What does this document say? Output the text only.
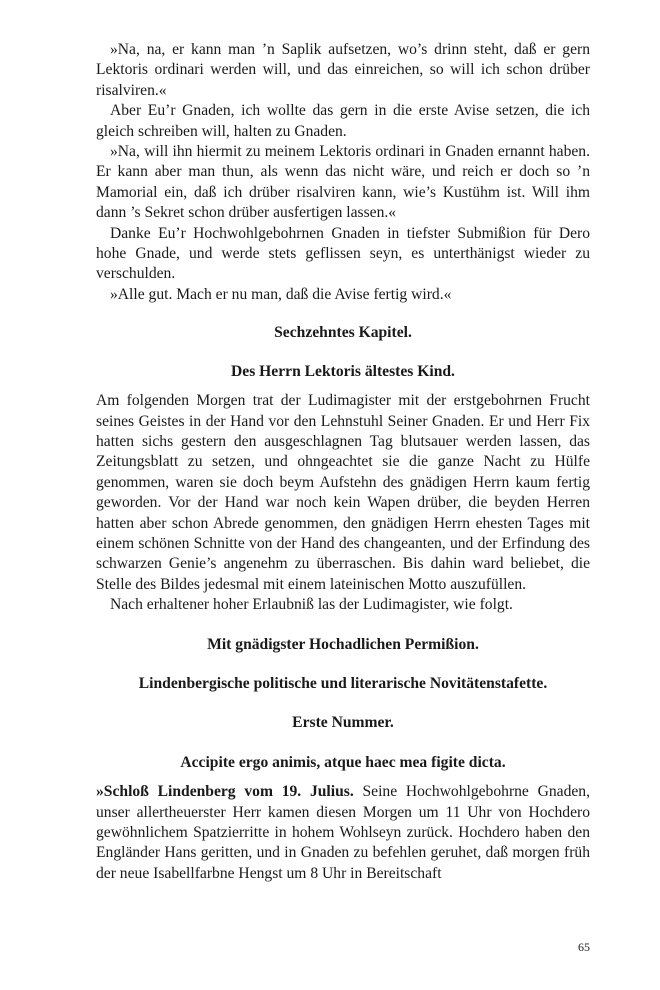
»Na, na, er kann man ’n Saplik aufsetzen, wo’s drinn steht, daß er gern Lektoris ordinari werden will, und das einreichen, so will ich schon drüber risalviren.«

Aber Eu’r Gnaden, ich wollte das gern in die erste Avise setzen, die ich gleich schreiben will, halten zu Gnaden.

»Na, will ihn hiermit zu meinem Lektoris ordinari in Gnaden ernannt haben. Er kann aber man thun, als wenn das nicht wäre, und reich er doch so ’n Mamorial ein, daß ich drüber risalviren kann, wie’s Kustühm ist. Will ihm dann ’s Sekret schon drüber ausfertigen lassen.«

Danke Eu’r Hochwohlgebohrnen Gnaden in tiefster Submißion für Dero hohe Gnade, und werde stets geflissen seyn, es unterthänigst wieder zu verschulden.

»Alle gut. Mach er nu man, daß die Avise fertig wird.«

Sechzehntes Kapitel.
Des Herrn Lektoris ältestes Kind.

Am folgenden Morgen trat der Ludimagister mit der erstgebohrnen Frucht seines Geistes in der Hand vor den Lehnstuhl Seiner Gnaden. Er und Herr Fix hatten sichs gestern den ausgeschlagnen Tag blutsauer werden lassen, das Zeitungsblatt zu setzen, und ohngeachtet sie die ganze Nacht zu Hülfe genommen, waren sie doch beym Aufstehn des gnädigen Herrn kaum fertig geworden. Vor der Hand war noch kein Wapen drüber, die beyden Herren hatten aber schon Abrede genommen, den gnädigen Herrn ehesten Tages mit einem schönen Schnitte von der Hand des changeanten, und der Erfindung des schwarzen Genie’s angenehm zu überraschen. Bis dahin ward beliebet, die Stelle des Bildes jedesmal mit einem lateinischen Motto auszufüllen.

Nach erhaltener hoher Erlaubniß las der Ludimagister, wie folgt.

Mit gnädigster Hochadlichen Permißion.
Lindenbergische politische und literarische Novitätenstafette.
Erste Nummer.
Accipite ergo animis, atque haec mea figite dicta.

»Schloß Lindenberg vom 19. Julius. Seine Hochwohlgebohrne Gnaden, unser allertheuerster Herr kamen diesen Morgen um 11 Uhr von Hochdero gewöhnlichem Spatzierritte in hohem Wohlseyn zurück. Hochdero haben den Engländer Hans geritten, und in Gnaden zu befehlen geruhet, daß morgen früh der neue Isabellfarbne Hengst um 8 Uhr in Bereitschaft

65
